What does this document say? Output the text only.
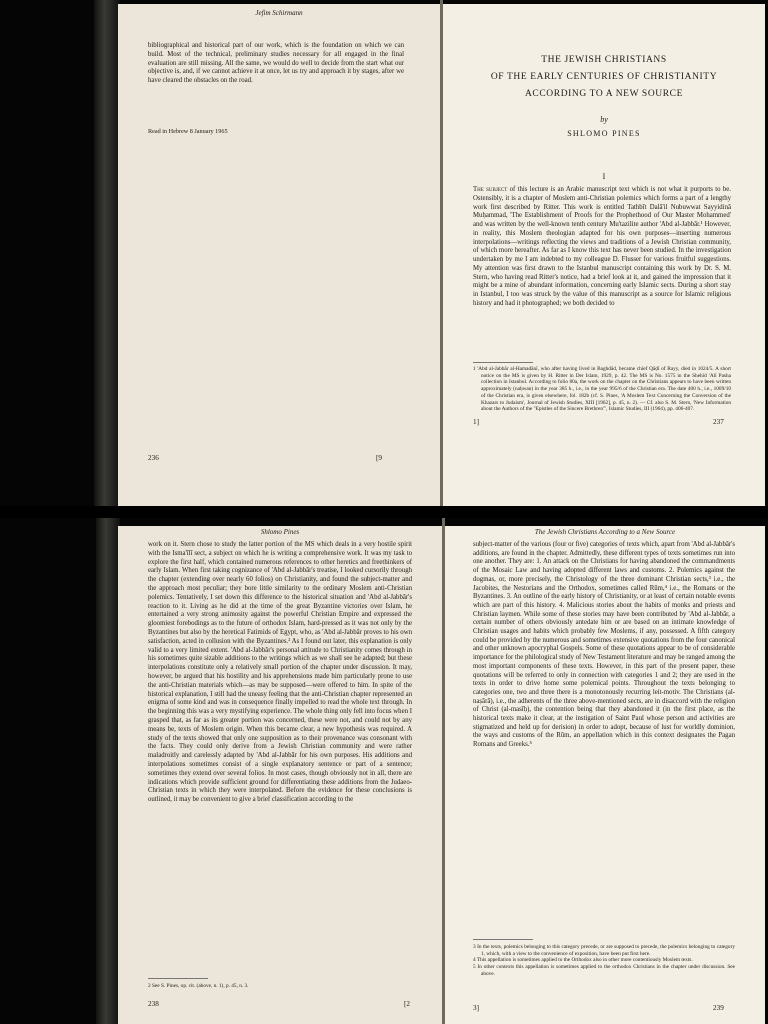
Jefim Schirmann

bibliographical and historical part of our work, which is the foundation on which we can build. Most of the technical, preliminary studies necessary for all engaged in the final evaluation are still missing. All the same, we would do well to decide from the start what our objective is, and, if we cannot achieve it at once, let us try and approach it by stages, after we have cleared the obstacles on the road.

Read in Hebrew 8 January 1965
236	[9
THE JEWISH CHRISTIANS
OF THE EARLY CENTURIES OF CHRISTIANITY
ACCORDING TO A NEW SOURCE
by
SHLOMO PINES
I

The subject of this lecture is an Arabic manuscript text which is not what it purports to be. Ostensibly, it is a chapter of Moslem anti-Christian polemics which forms a part of a lengthy work first described by Ritter. This work is entitled Tathbīt Dalā'il Nubuwwat Sayyidinā Muḥammad, 'The Establishment of Proofs for the Prophethood of Our Master Mohammed' and was written by the well-known tenth century Mu'tazilite author 'Abd al-Jabbār.¹ However, in reality, this Moslem theologian adapted for his own purposes—inserting numerous interpolations—writings reflecting the views and traditions of a Jewish Christian community, of which more hereafter. As far as I know this text has never been studied. In the investigation undertaken by me I am indebted to my colleague D. Flusser for various fruitful suggestions. My attention was first drawn to the Istanbul manuscript containing this work by Dr. S. M. Stern, who having read Ritter's notice, had a brief look at it, and gained the impression that it might be a mine of abundant information, concerning early Islamic sects. During a short stay in Istanbul, I too was struck by the value of this manuscript as a source for Islamic religious history and had it photographed; we both decided to

1 'Abd al-Jabbār al-Hamadānī, who after having lived in Baghdād, became chief Qāḍī of Rayy, died in 1024/5. A short notice on the MS is given by H. Ritter in Der Islam, 1929, p. 42. The MS is No. 1575 in the Shehīd 'Alī Pasha collection in Istanbul. According to folio 80a, the work on the chapter on the Christians appears to have been written approximately (naḥwan) in the year 385 h., i.e., in the year 995/6 of the Christian era. The date 400 h., i.e., 1009/10 of the Christian era, is given elsewhere, fol. 182b (cf. S. Pines, 'A Moslem Text Concerning the Conversion of the Khazars to Judaism', Journal of Jewish Studies, XIII [1962], p. 45, n. 2). — Cf. also S. M. Stern, 'New Information about the Authors of the "Epistles of the Sincere Brethren"', Islamic Studies, III (1964), pp. 406-407.

1]	237
Shlomo Pines

work on it. Stern chose to study the latter portion of the MS which deals in a very hostile spirit with the Isma'īlī sect, a subject on which he is writing a comprehensive work. It was my task to explore the first half, which contained numerous references to other heretics and freethinkers of early Islam. When first taking cognizance of 'Abd al-Jabbār's treatise, I looked cursorily through the chapter (extending over nearly 60 folios) on Christianity, and found the subject-matter and the approach most peculiar; they bore little similarity to the ordinary Moslem anti-Christian polemics. Tentatively, I set down this difference to the historical situation and 'Abd al-Jabbār's reaction to it. Living as he did at the time of the great Byzantine victories over Islam, he entertained a very strong animosity against the powerful Christian Empire and expressed the gloomiest forebodings as to the future of orthodox Islam, hard-pressed as it was not only by the Byzantines but also by the heretical Fatimids of Egypt, who, as 'Abd al-Jabbār proves to his own satisfaction, acted in collusion with the Byzantines.² As I found out later, this explanation is only valid to a very limited extent. 'Abd al-Jabbār's personal attitude to Christianity comes through in his sometimes quite sizable additions to the writings which as we shall see he adapted; but these interpolations constitute only a relatively small portion of the chapter under discussion. It may, however, be argued that his hostility and his apprehensions made him particularly prone to use the anti-Christian materials which—as may be supposed—were offered to him. In spite of the historical explanation, I still had the uneasy feeling that the anti-Christian chapter represented an enigma of some kind and was in consequence finally impelled to read the whole text through. In the beginning this was a very mystifying experience. The whole thing only fell into focus when I grasped that, as far as its greater portion was concerned, these were not, and could not by any means be, texts of Moslem origin. When this became clear, a new hypothesis was required. A study of the texts showed that only one supposition as to their provenance was consonant with the facts. They could only derive from a Jewish Christian community and were rather maladroitly and carelessly adapted by 'Abd al-Jabbār for his own purposes. His additions and interpolations sometimes consist of a single explanatory sentence or part of a sentence; sometimes they extend over several folios. In most cases, though obviously not in all, there are indications which provide sufficient ground for differentiating these additions from the Judaeo-Christian texts in which they were interpolated. Before the evidence for these conclusions is outlined, it may be convenient to give a brief classification according to the

2 See S. Pines, op. cit. (above, n. 1), p. 45, n. 3.

238	[2
The Jewish Christians According to a New Source

subject-matter of the various (four or five) categories of texts which, apart from 'Abd al-Jabbār's additions, are found in the chapter. Admittedly, these different types of texts sometimes run into one another. They are: 1. An attack on the Christians for having abandoned the commandments of the Mosaic Law and having adopted different laws and customs. 2. Polemics against the dogmas, or, more precisely, the Christology of the three dominant Christian sects,³ i.e., the Jacobites, the Nestorians and the Orthodox, sometimes called Rūm,⁴ i.e., the Romans or the Byzantines. 3. An outline of the early history of Christianity, or at least of certain notable events which are part of this history. 4. Malicious stories about the habits of monks and priests and Christian laymen. While some of these stories may have been contributed by 'Abd al-Jabbār, a certain number of others obviously antedate him or are based on an intimate knowledge of Christian usages and habits which probably few Moslems, if any, possessed. A fifth category could be provided by the numerous and sometimes extensive quotations from the four canonical and other unknown apocryphal Gospels. Some of these quotations appear to be of considerable importance for the philological study of New Testament literature and may be ranged among the most important components of these texts. However, in this part of the present paper, these quotations will be referred to only in connection with categories 1 and 2; they are used in the texts in order to drive home some polemical points. Throughout the texts belonging to categories one, two and three there is a monotonously recurring leit-motiv. The Christians (al-naṣārā), i.e., the adherents of the three above-mentioned sects, are in disaccord with the religion of Christ (al-masīḥ), the contention being that they abandoned it (in the first place, as the historical texts make it clear, at the instigation of Saint Paul whose person and activities are stigmatized and held up for derision) in order to adopt, because of lust for worldly dominion, the ways and customs of the Rūm, an appellation which in this context designates the Pagan Romans and Greeks.⁵

3 In the texts, polemics belonging to this category precede, or are supposed to precede, the polemics belonging to category 1, which, with a view to the convenience of exposition, have been put first here.

4 This appellation is sometimes applied to the Orthodox also in other more contentiously Moslem texts.

5 In other contexts this appellation is sometimes applied to the orthodox Christians in the chapter under discussion. See above.

3]	239
